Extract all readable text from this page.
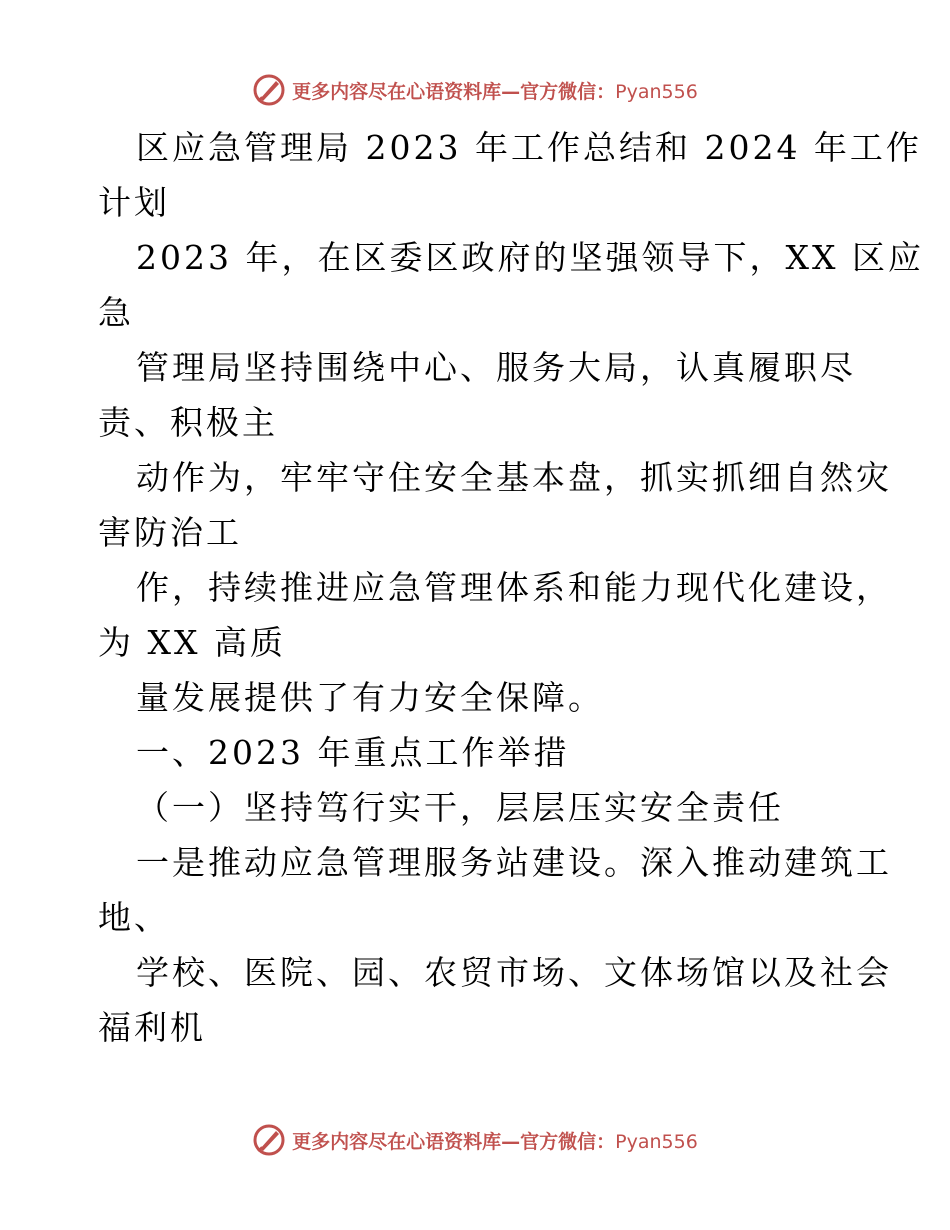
更多内容尽在心语资料库—官方微信：Pyan556
区应急管理局 2023 年工作总结和 2024 年工作
计划
2023 年，在区委区政府的坚强领导下，XX 区应
急
管理局坚持围绕中心、服务大局，认真履职尽
责、积极主
动作为，牢牢守住安全基本盘，抓实抓细自然灾
害防治工
作，持续推进应急管理体系和能力现代化建设，
为 XX 高质
量发展提供了有力安全保障。
一、2023 年重点工作举措
（一）坚持笃行实干，层层压实安全责任
一是推动应急管理服务站建设。深入推动建筑工
地、
学校、医院、园、农贸市场、文体场馆以及社会
福利机
更多内容尽在心语资料库—官方微信：Pyan556
